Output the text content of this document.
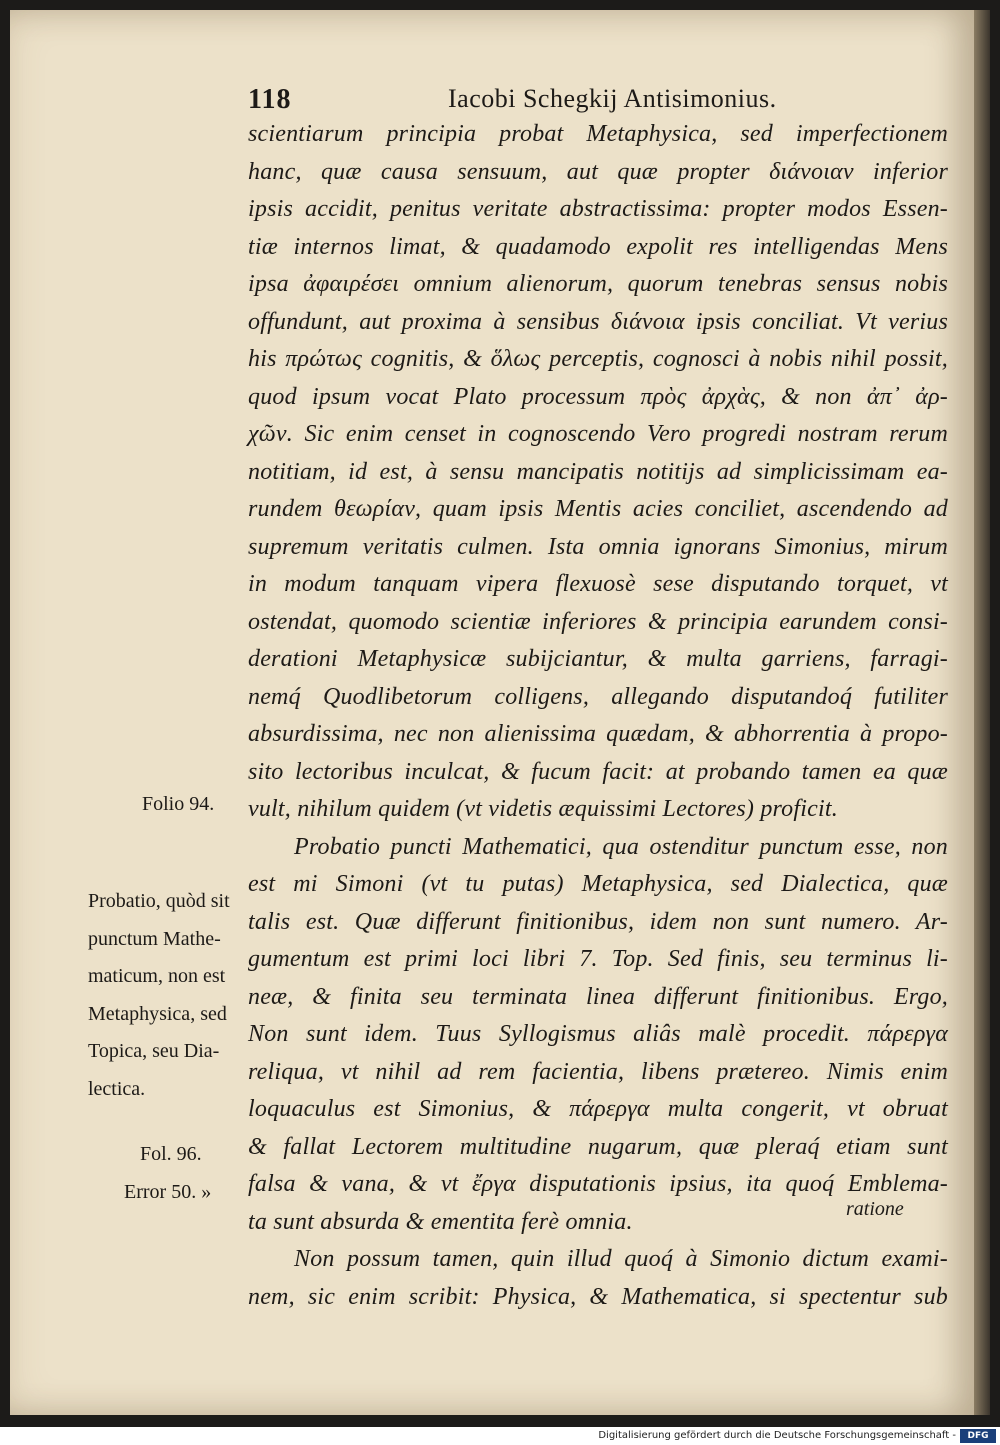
118	Iacobi Schegkij Antisimonius.
scientiarum principia probat Metaphysica, sed imperfectionem
hanc, quæ causa sensuum, aut quæ propter διάνοιαν inferior
ipsis accidit, penitus veritate abstractissima: propter modos Essen-
tiæ internos limat, & quadamodo expolit res intelligendas Mens
ipsa ἀφαιρέσει omnium alienorum, quorum tenebras sensus nobis
offundunt, aut proxima à sensibus διάνοια ipsis conciliat. Vt verius
his πρώτως cognitis, & ὅλως perceptis, cognosci à nobis nihil possit,
quod ipsum vocat Plato processum πρὸς ἀρχὰς, & non ἀπ᾽ ἀρ-
χῶν. Sic enim censet in cognoscendo Vero progredi nostram rerum
notitiam, id est, à sensu mancipatis notitijs ad simplicissimam ea-
rundem θεωρίαν, quam ipsis Mentis acies conciliet, ascendendo ad
supremum veritatis culmen. Ista omnia ignorans Simonius, mirum
in modum tanquam vipera flexuosè sese disputando torquet, vt
ostendat, quomodo scientiæ inferiores & principia earundem consi-
derationi Metaphysicæ subijciantur, & multa garriens, farragi-
nemq́ Quodlibetorum colligens, allegando disputandoq́ futiliter
absurdissima, nec non alienissima quædam, & abhorrentia à propo-
sito lectoribus inculcat, & fucum facit: at probando tamen ea quæ
vult, nihilum quidem (vt videtis æquissimi Lectores) proficit.
Probatio puncti Mathematici, qua ostenditur punctum esse, non
est mi Simoni (vt tu putas) Metaphysica, sed Dialectica, quæ
talis est. Quæ differunt finitionibus, idem non sunt numero. Ar-
gumentum est primi loci libri 7. Top. Sed finis, seu terminus li-
neæ, & finita seu terminata linea differunt finitionibus. Ergo,
Non sunt idem. Tuus Syllogismus aliâs malè procedit. πάρεργα
reliqua, vt nihil ad rem facientia, libens prætereo. Nimis enim
loquaculus est Simonius, & πάρεργα multa congerit, vt obruat
& fallat Lectorem multitudine nugarum, quæ pleraq́ etiam sunt
falsa & vana, & vt ἔργα disputationis ipsius, ita quoq́ Emblema-
ta sunt absurda & ementita ferè omnia.
Non possum tamen, quin illud quoq́ à Simonio dictum exami-
nem, sic enim scribit: Physica, & Mathematica, si spectentur sub
ratione
Folio 94.
Probatio, quòd sit
punctum Mathe-
maticum, non est
Metaphysica, sed
Topica, seu Dia-
lectica.
Fol. 96.
Error 50. »
Digitalisierung gefördert durch die Deutsche Forschungsgemeinschaft -	DFG
